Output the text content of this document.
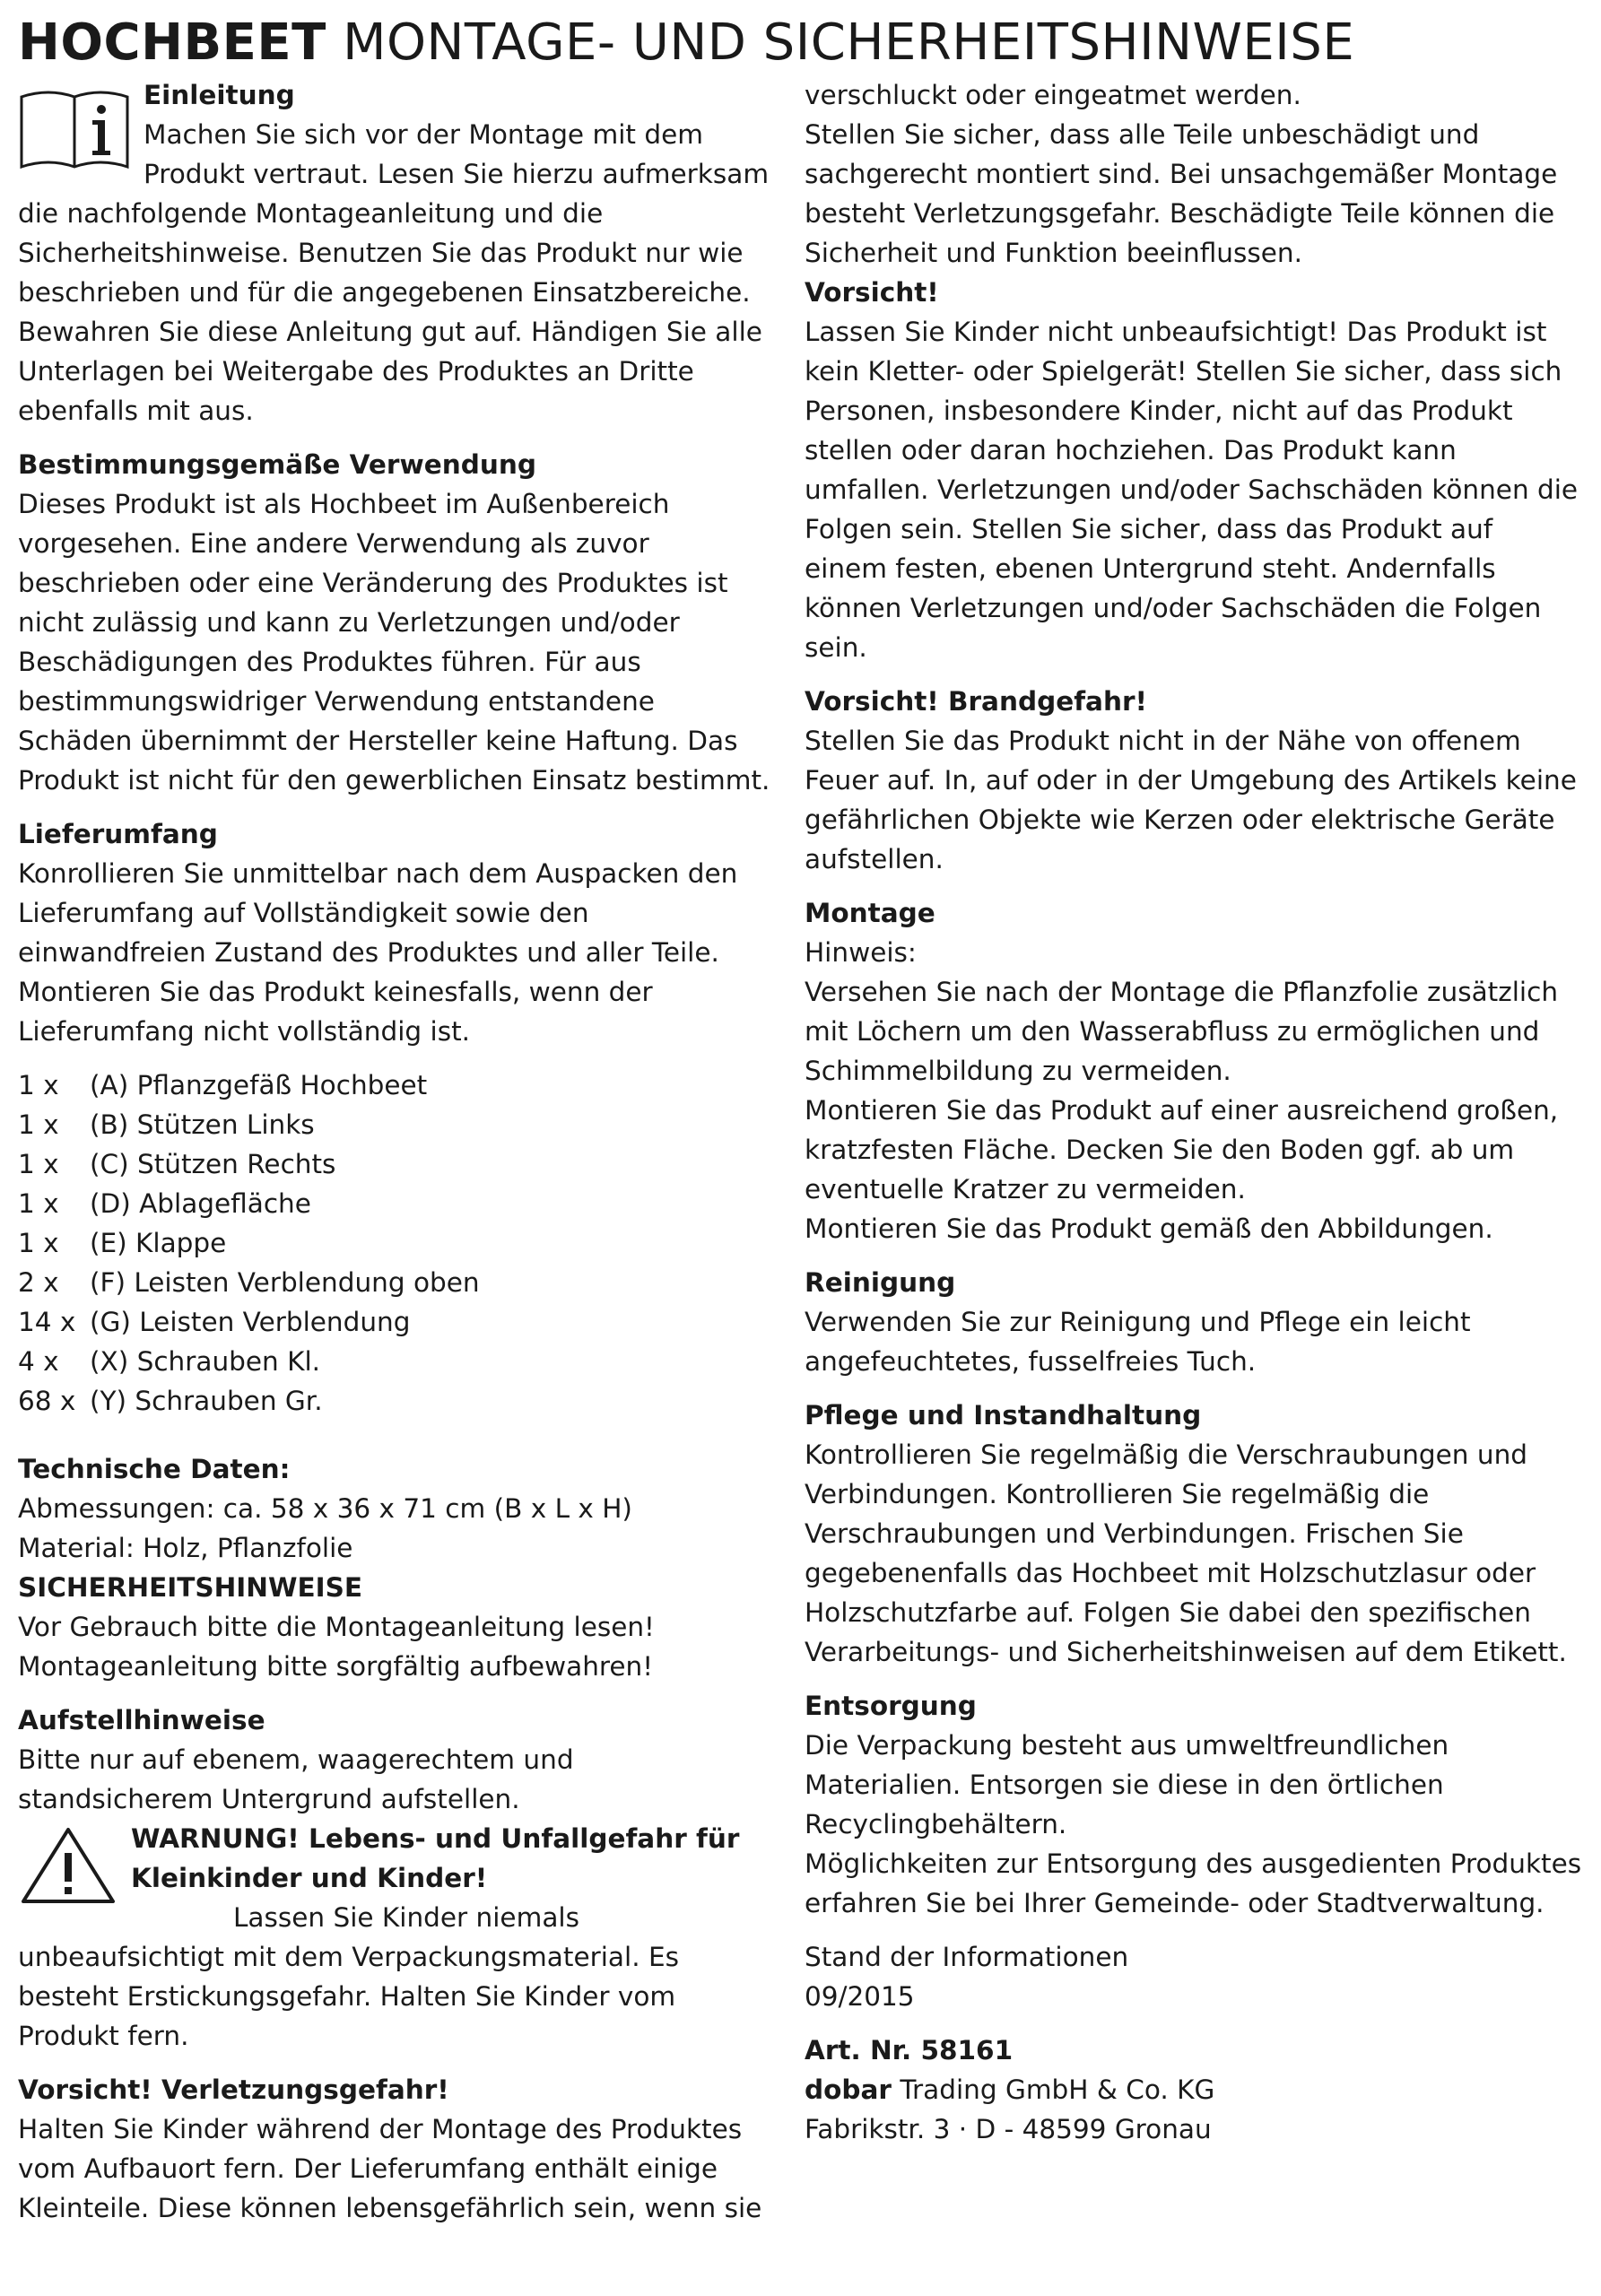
HOCHBEET MONTAGE- UND SICHERHEITSHINWEISE
Einleitung

Machen Sie sich vor der Montage mit dem Produkt vertraut. Lesen Sie hierzu aufmerksam die nachfolgende Montageanleitung und die Sicherheitshinweise. Benutzen Sie das Produkt nur wie beschrieben und für die angegebenen Einsatzbereiche. Bewahren Sie diese Anleitung gut auf. Händigen Sie alle Unterlagen bei Weitergabe des Produktes an Dritte ebenfalls mit aus.

Bestimmungsgemäße Verwendung

Dieses Produkt ist als Hochbeet im Außenbereich vorgesehen. Eine andere Verwendung als zuvor beschrieben oder eine Veränderung des Produktes ist nicht zulässig und kann zu Verletzungen und/oder Beschädigungen des Produktes führen. Für aus bestimmungswidriger Verwendung entstandene Schäden übernimmt der Hersteller keine Haftung. Das Produkt ist nicht für den gewerblichen Einsatz bestimmt.

Lieferumfang

Konrollieren Sie unmittelbar nach dem Auspacken den Lieferumfang auf Vollständigkeit sowie den einwandfreien Zustand des Produktes und aller Teile. Montieren Sie das Produkt keinesfalls, wenn der Lieferumfang nicht vollständig ist.

1 x	(A) Pflanzgefäß Hochbeet
1 x	(B) Stützen Links
1 x	(C) Stützen Rechts
1 x	(D) Ablagefläche
1 x	(E) Klappe
2 x	(F) Leisten Verblendung oben
14 x (G) Leisten Verblendung
4 x	(X) Schrauben Kl.
68 x (Y) Schrauben Gr.
Technische Daten:

Abmessungen: ca. 58 x 36 x 71 cm (B x L x H)

Material: Holz, Pflanzfolie

SICHERHEITSHINWEISE

Vor Gebrauch bitte die Montageanleitung lesen!

Montageanleitung bitte sorgfältig aufbewahren!

Aufstellhinweise

Bitte nur auf ebenem, waagerechtem und standsicherem Untergrund aufstellen.

WARNUNG! Lebens- und Unfallgefahr für Kleinkinder und Kinder!

Lassen Sie Kinder niemals unbeaufsichtigt mit dem Verpackungsmaterial. Es besteht Erstickungsgefahr. Halten Sie Kinder vom Produkt fern.

Vorsicht! Verletzungsgefahr!

Halten Sie Kinder während der Montage des Produktes vom Aufbauort fern. Der Lieferumfang enthält einige Kleinteile. Diese können lebensgefährlich sein, wenn sie

verschluckt oder eingeatmet werden.

Stellen Sie sicher, dass alle Teile unbeschädigt und sachgerecht montiert sind. Bei unsachgemäßer Montage besteht Verletzungsgefahr. Beschädigte Teile können die Sicherheit und Funktion beeinflussen.

Vorsicht!

Lassen Sie Kinder nicht unbeaufsichtigt! Das Produkt ist kein Kletter- oder Spielgerät! Stellen Sie sicher, dass sich Personen, insbesondere Kinder, nicht auf das Produkt stellen oder daran hochziehen. Das Produkt kann umfallen. Verletzungen und/oder Sachschäden können die Folgen sein. Stellen Sie sicher, dass das Produkt auf einem festen, ebenen Untergrund steht. Andernfalls können Verletzungen und/oder Sachschäden die Folgen sein.

Vorsicht! Brandgefahr!

Stellen Sie das Produkt nicht in der Nähe von offenem Feuer auf. In, auf oder in der Umgebung des Artikels keine gefährlichen Objekte wie Kerzen oder elektrische Geräte aufstellen.

Montage

Hinweis:

Versehen Sie nach der Montage die Pflanzfolie zusätzlich mit Löchern um den Wasserabfluss zu ermöglichen und Schimmelbildung zu vermeiden.

Montieren Sie das Produkt auf einer ausreichend großen, kratzfesten Fläche. Decken Sie den Boden ggf. ab um eventuelle Kratzer zu vermeiden.

Montieren Sie das Produkt gemäß den Abbildungen.

Reinigung

Verwenden Sie zur Reinigung und Pflege ein leicht angefeuchtetes, fusselfreies Tuch.

Pflege und Instandhaltung

Kontrollieren Sie regelmäßig die Verschraubungen und Verbindungen. Kontrollieren Sie regelmäßig die Verschraubungen und Verbindungen. Frischen Sie gegebenenfalls das Hochbeet mit Holzschutzlasur oder Holzschutzfarbe auf. Folgen Sie dabei den spezifischen Verarbeitungs- und Sicherheitshinweisen auf dem Etikett.

Entsorgung

Die Verpackung besteht aus umweltfreundlichen Materialien. Entsorgen sie diese in den örtlichen Recyclingbehältern.

Möglichkeiten zur Entsorgung des ausgedienten Produktes erfahren Sie bei Ihrer Gemeinde- oder Stadtverwaltung.

Stand der Informationen

09/2015

Art. Nr. 58161

dobar Trading GmbH & Co. KG

Fabrikstr. 3 · D - 48599 Gronau
